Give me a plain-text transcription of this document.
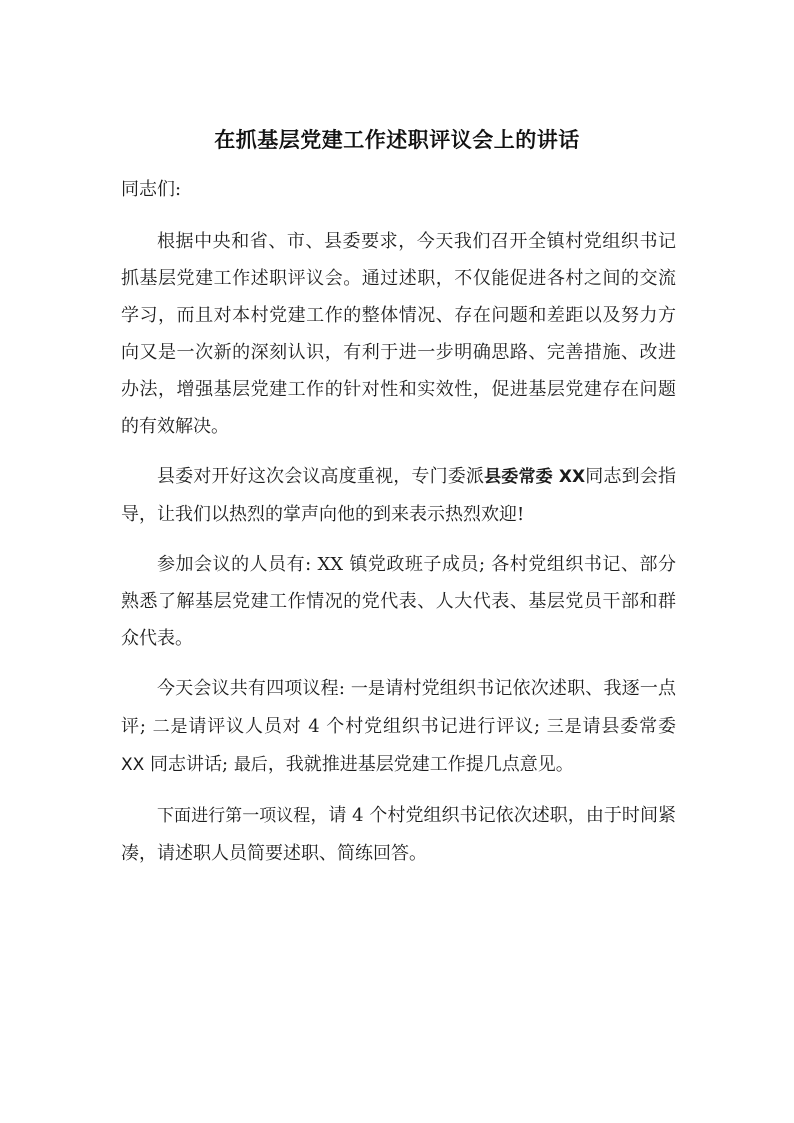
在抓基层党建工作述职评议会上的讲话

同志们:

根据中央和省、市、县委要求，今天我们召开全镇村党组织书记抓基层党建工作述职评议会。通过述职，不仅能促进各村之间的交流学习，而且对本村党建工作的整体情况、存在问题和差距以及努力方向又是一次新的深刻认识，有利于进一步明确思路、完善措施、改进办法，增强基层党建工作的针对性和实效性，促进基层党建存在问题的有效解决。

县委对开好这次会议高度重视，专门委派县委常委 XX同志到会指导，让我们以热烈的掌声向他的到来表示热烈欢迎!

参加会议的人员有: XX 镇党政班子成员; 各村党组织书记、部分熟悉了解基层党建工作情况的党代表、人大代表、基层党员干部和群众代表。

今天会议共有四项议程: 一是请村党组织书记依次述职、我逐一点评; 二是请评议人员对 4 个村党组织书记进行评议; 三是请县委常委 XX 同志讲话; 最后，我就推进基层党建工作提几点意见。

下面进行第一项议程，请 4 个村党组织书记依次述职，由于时间紧凑，请述职人员简要述职、简练回答。
